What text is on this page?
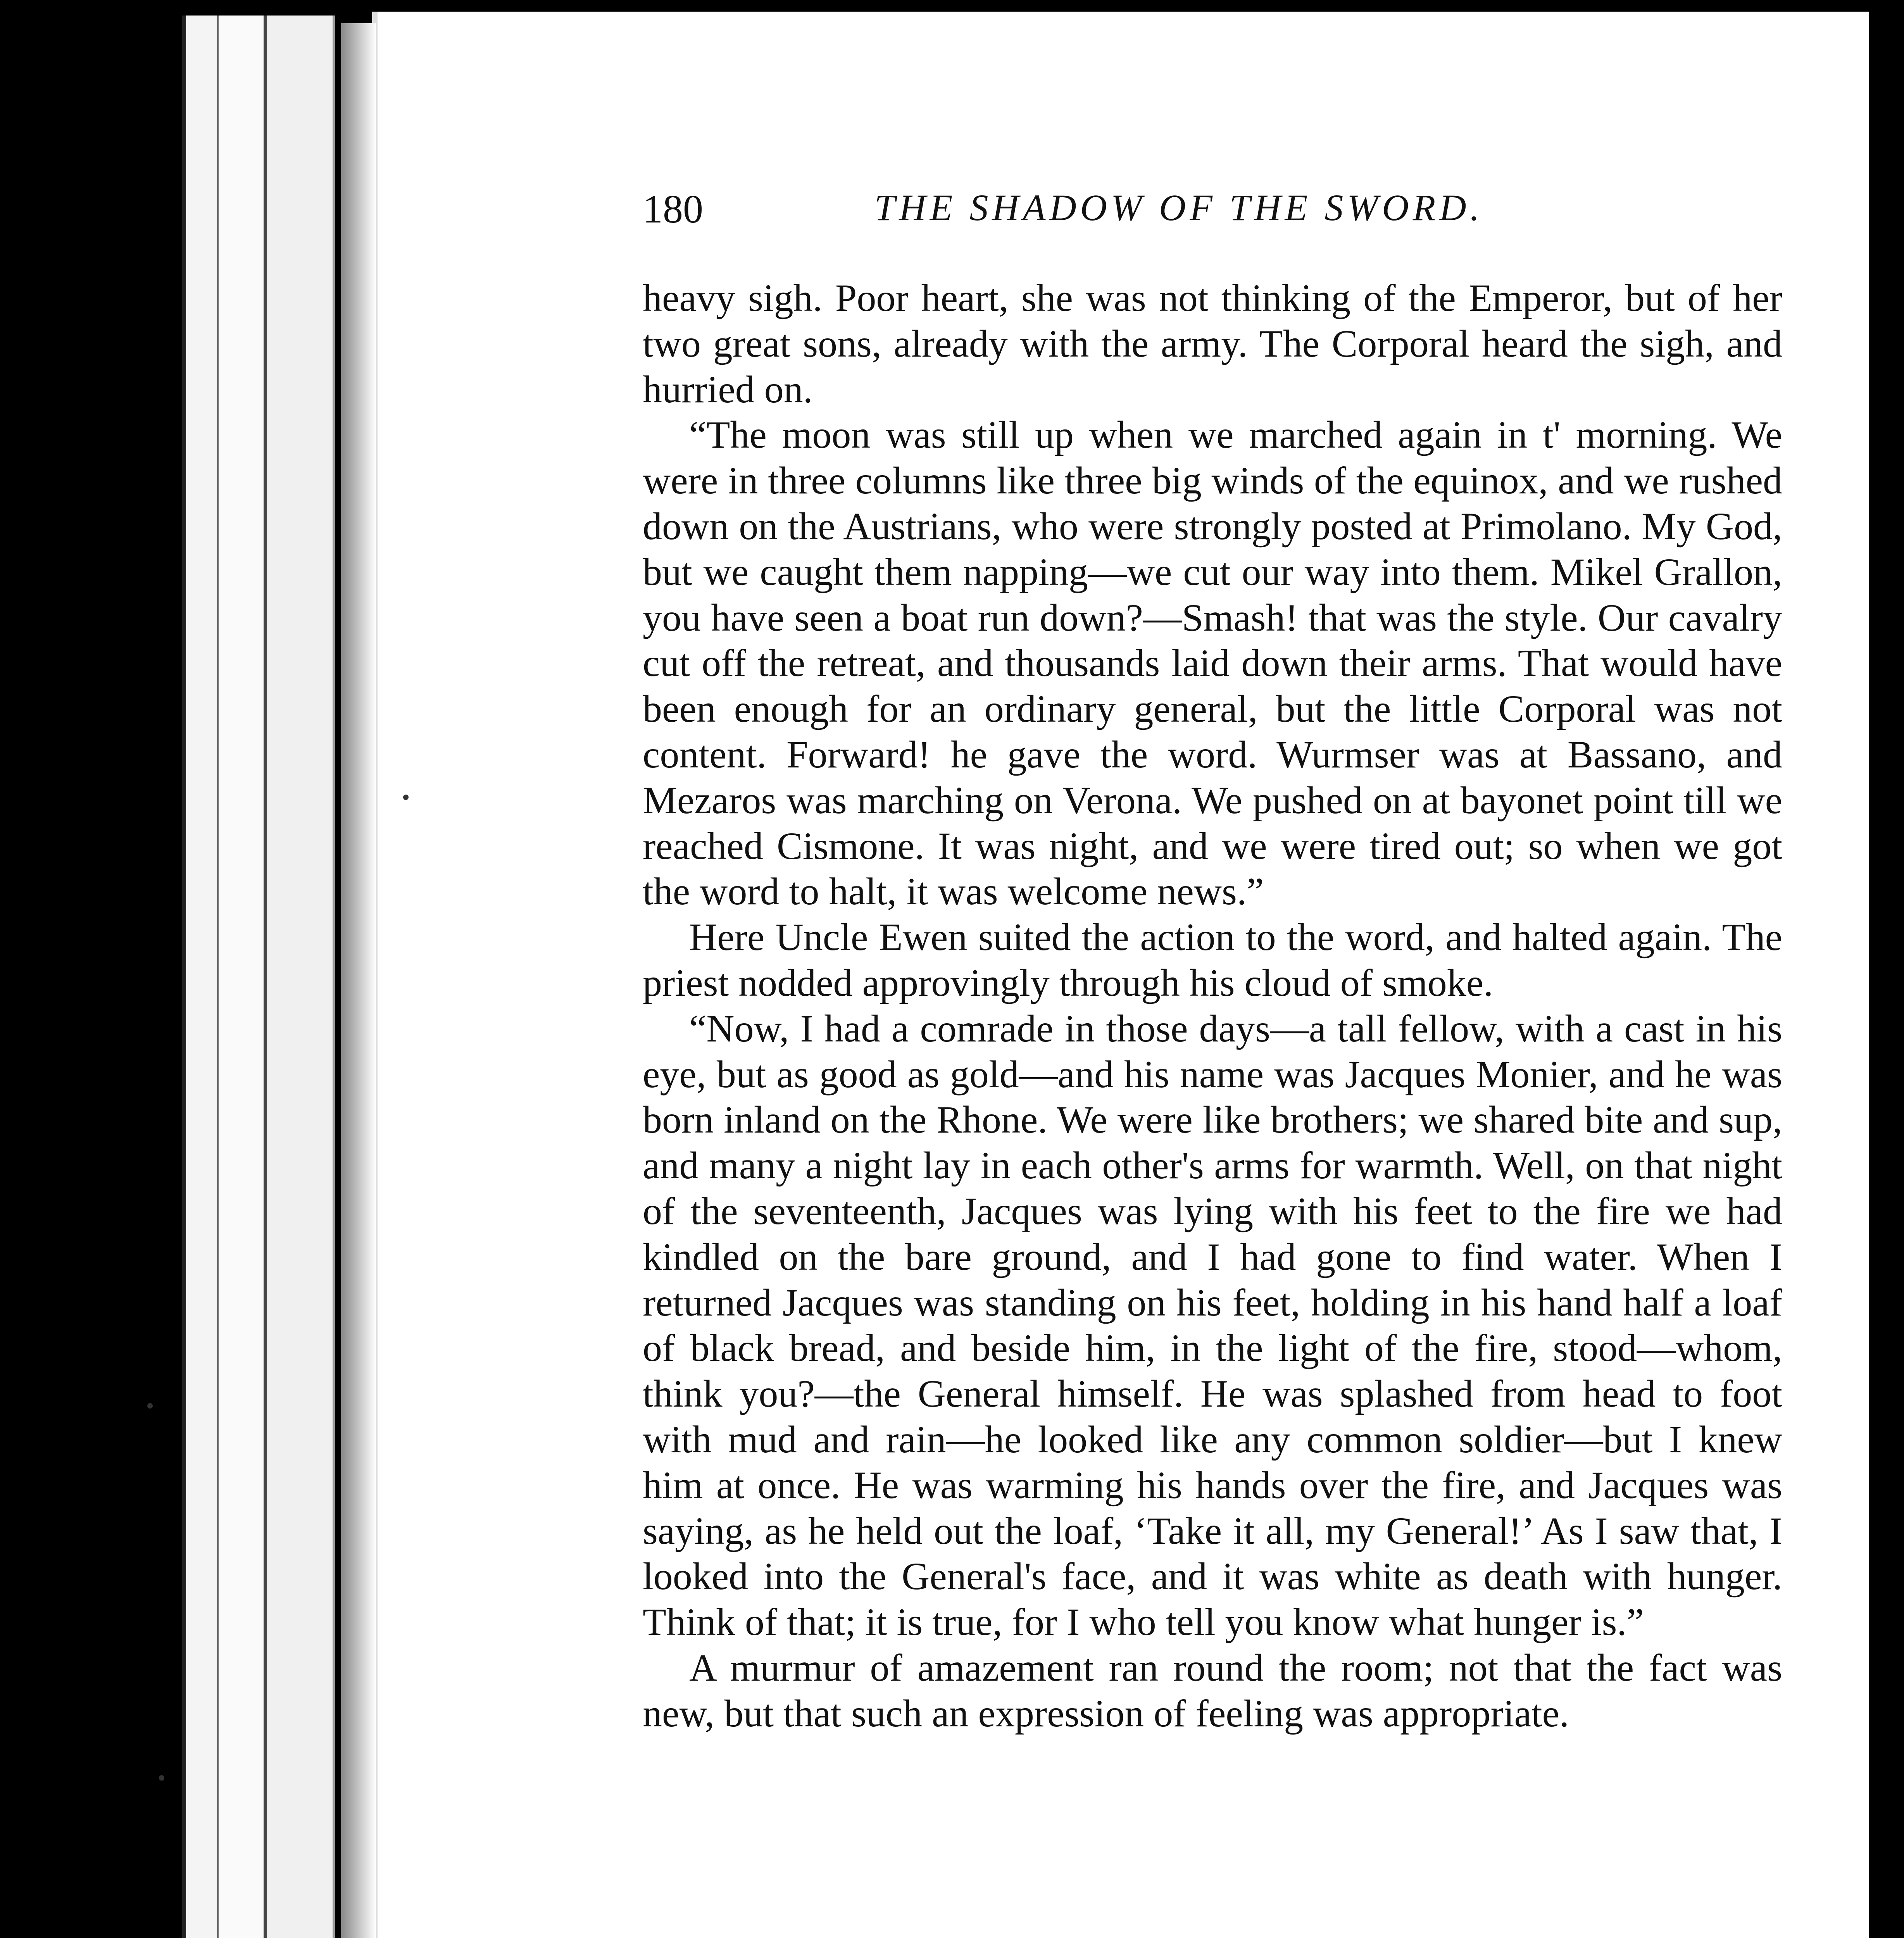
180	THE SHADOW OF THE SWORD.

heavy sigh. Poor heart, she was not thinking of the Emperor, but of her two great sons, already with the army. The Corporal heard the sigh, and hurried on.

“The moon was still up when we marched again in t' morning. We were in three columns like three big winds of the equinox, and we rushed down on the Austrians, who were strongly posted at Primolano. My God, but we caught them napping—we cut our way into them. Mikel Grallon, you have seen a boat run down?—Smash! that was the style. Our cavalry cut off the retreat, and thousands laid down their arms. That would have been enough for an ordinary general, but the little Corporal was not content. Forward! he gave the word. Wurmser was at Bassano, and Mezaros was marching on Verona. We pushed on at bayonet point till we reached Cismone. It was night, and we were tired out; so when we got the word to halt, it was welcome news.”

Here Uncle Ewen suited the action to the word, and halted again. The priest nodded approvingly through his cloud of smoke.

“Now, I had a comrade in those days—a tall fellow, with a cast in his eye, but as good as gold—and his name was Jacques Monier, and he was born inland on the Rhone. We were like brothers; we shared bite and sup, and many a night lay in each other's arms for warmth. Well, on that night of the seventeenth, Jacques was lying with his feet to the fire we had kindled on the bare ground, and I had gone to find water. When I returned Jacques was standing on his feet, holding in his hand half a loaf of black bread, and beside him, in the light of the fire, stood—whom, think you?—the General himself. He was splashed from head to foot with mud and rain—he looked like any common soldier—but I knew him at once. He was warming his hands over the fire, and Jacques was saying, as he held out the loaf, ‘Take it all, my General!’ As I saw that, I looked into the General's face, and it was white as death with hunger. Think of that; it is true, for I who tell you know what hunger is.”

A murmur of amazement ran round the room; not that the fact was new, but that such an expression of feeling was appropriate.
